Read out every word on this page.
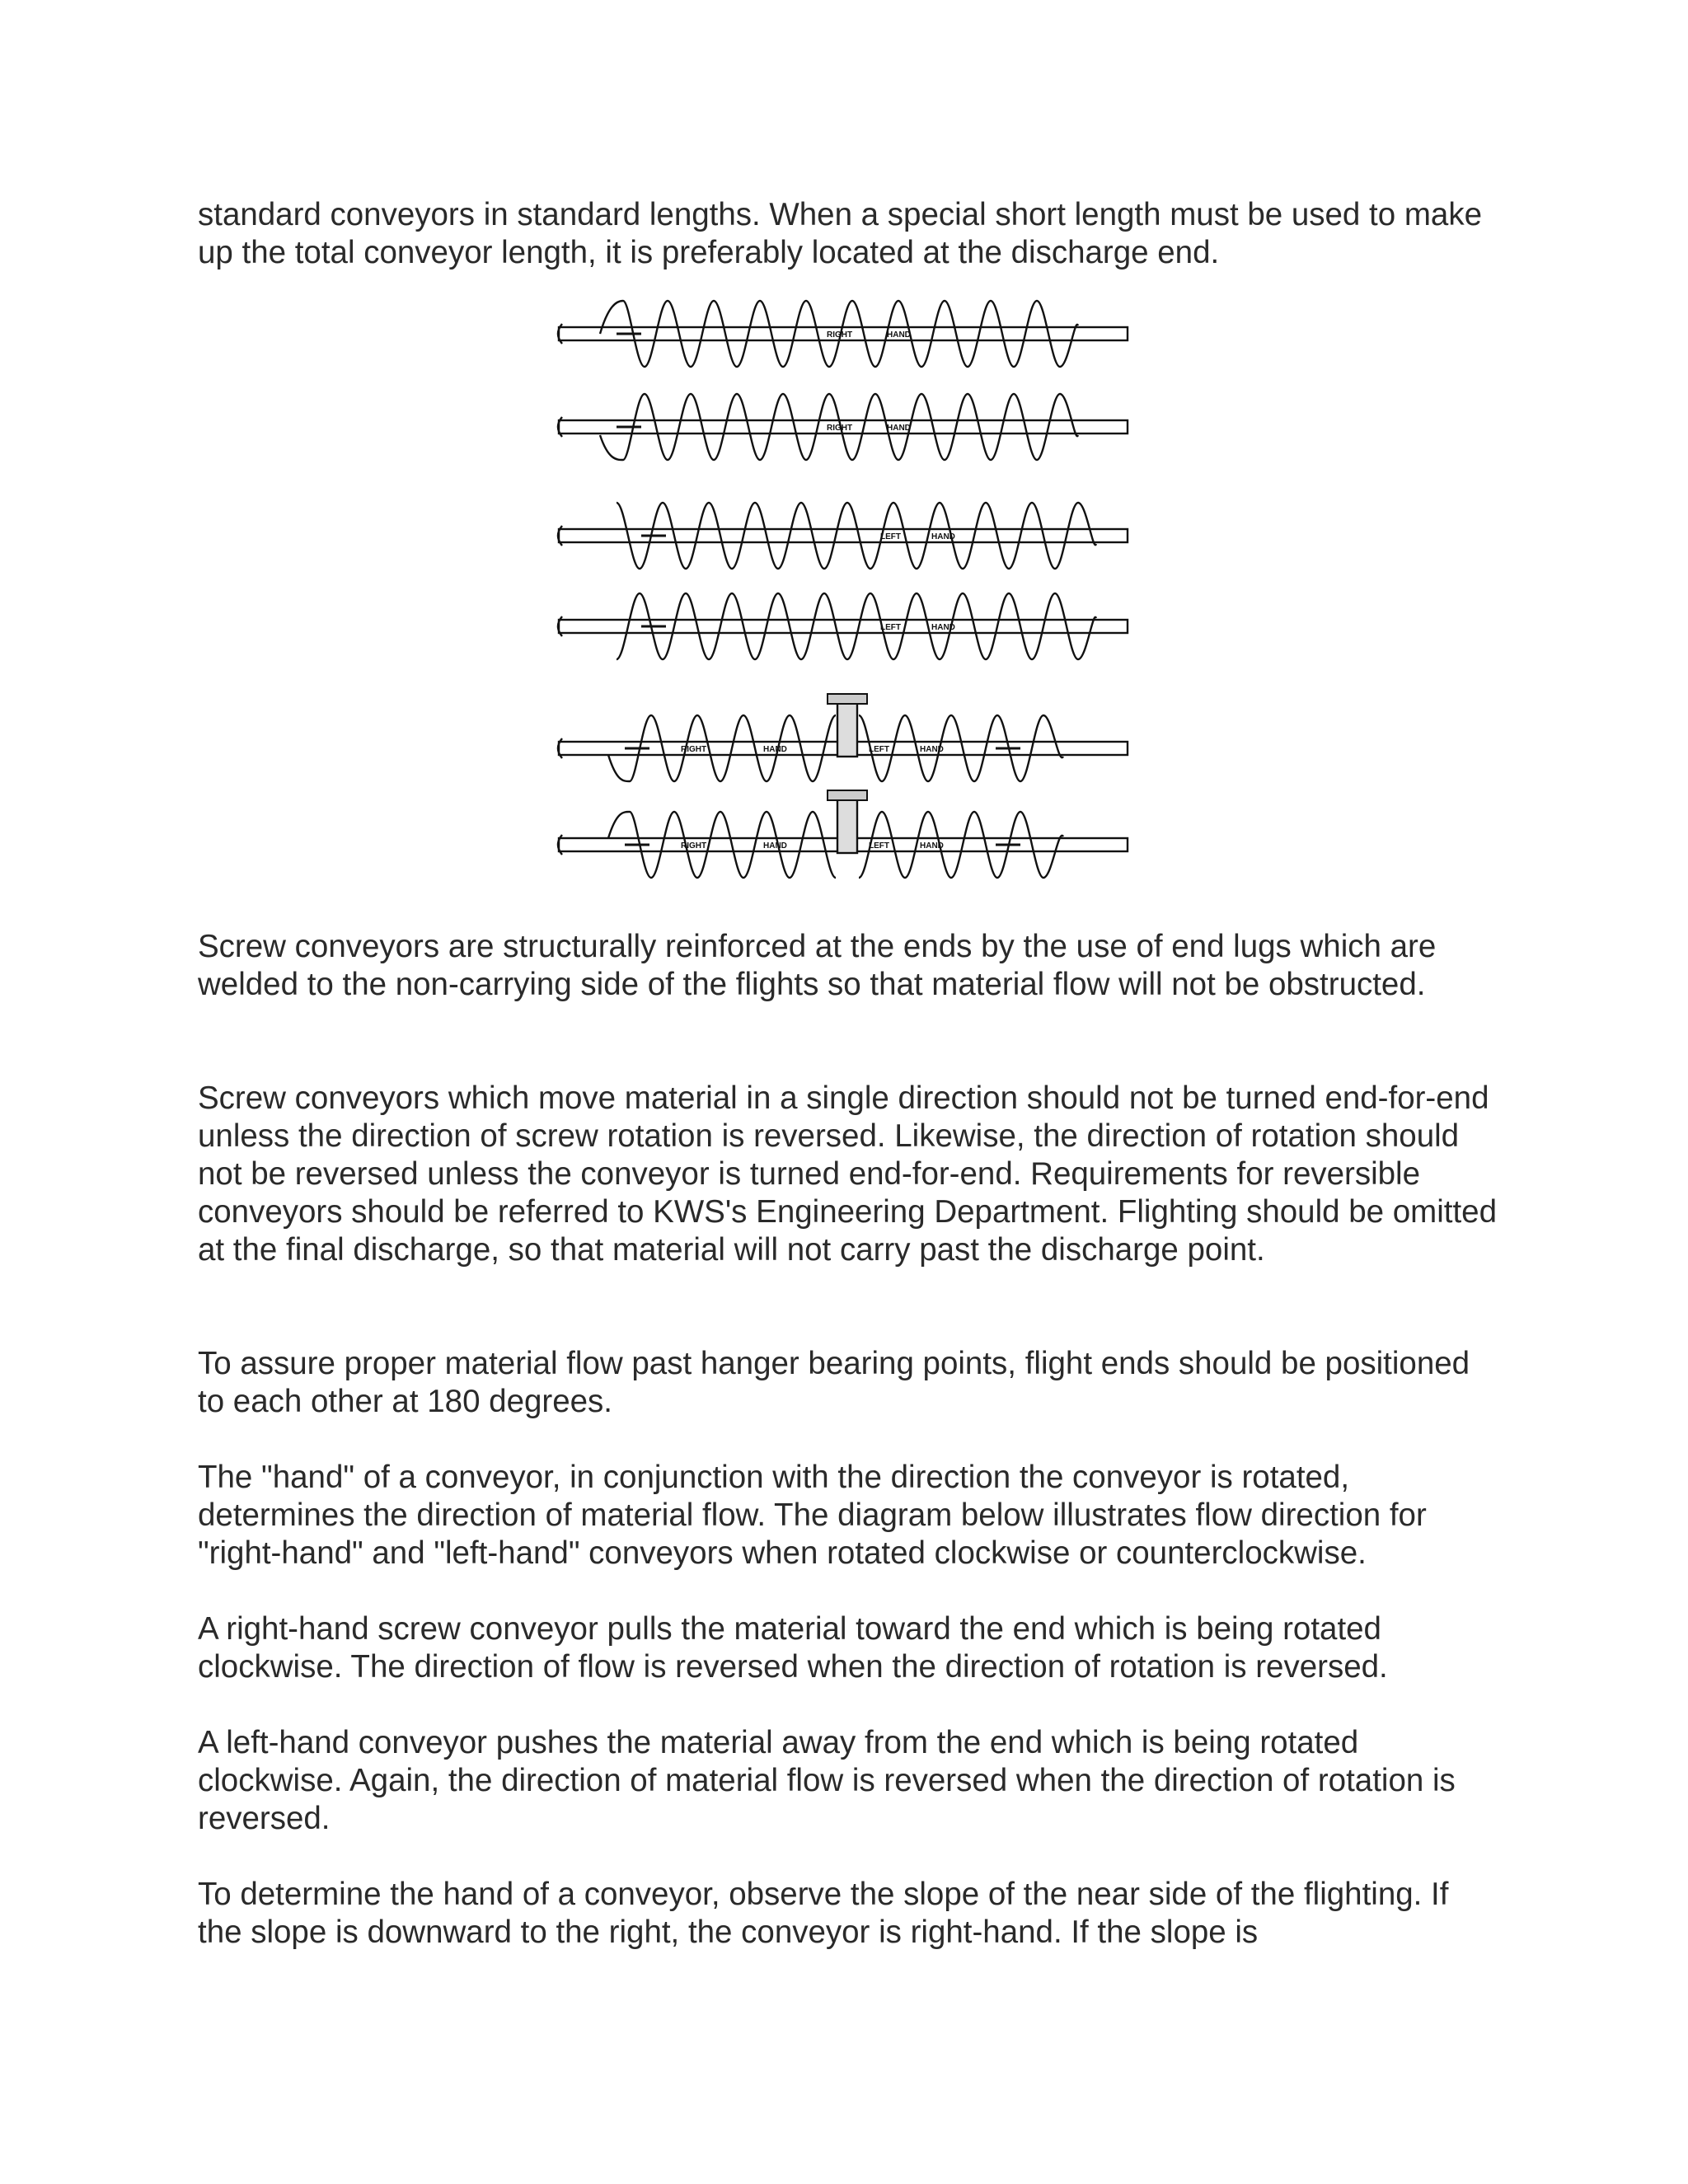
standard conveyors in standard lengths. When a special short length must be used to make up the total conveyor length, it is preferably located at the discharge end.

RIGHT	HAND
RIGHT	HAND
LEFT	HAND
LEFT	HAND
RIGHT	HAND	LEFT	HAND
RIGHT	HAND	LEFT	HAND

Screw conveyors are structurally reinforced at the ends by the use of end lugs which are welded to the non-carrying side of the flights so that material flow will not be obstructed.

Screw conveyors which move material in a single direction should not be turned end-for-end unless the direction of screw rotation is reversed. Likewise, the direction of rotation should not be reversed unless the conveyor is turned end-for-end. Requirements for reversible conveyors should be referred to KWS's Engineering Department. Flighting should be omitted at the final discharge, so that material will not carry past the discharge point.

To assure proper material flow past hanger bearing points, flight ends should be positioned to each other at 180 degrees.

The "hand" of a conveyor, in conjunction with the direction the conveyor is rotated, determines the direction of material flow. The diagram below illustrates flow direction for "right-hand" and "left-hand" conveyors when rotated clockwise or counterclockwise.

A right-hand screw conveyor pulls the material toward the end which is being rotated clockwise. The direction of flow is reversed when the direction of rotation is reversed.

A left-hand conveyor pushes the material away from the end which is being rotated clockwise. Again, the direction of material flow is reversed when the direction of rotation is reversed.

To determine the hand of a conveyor, observe the slope of the near side of the flighting. If the slope is downward to the right, the conveyor is right-hand. If the slope is
